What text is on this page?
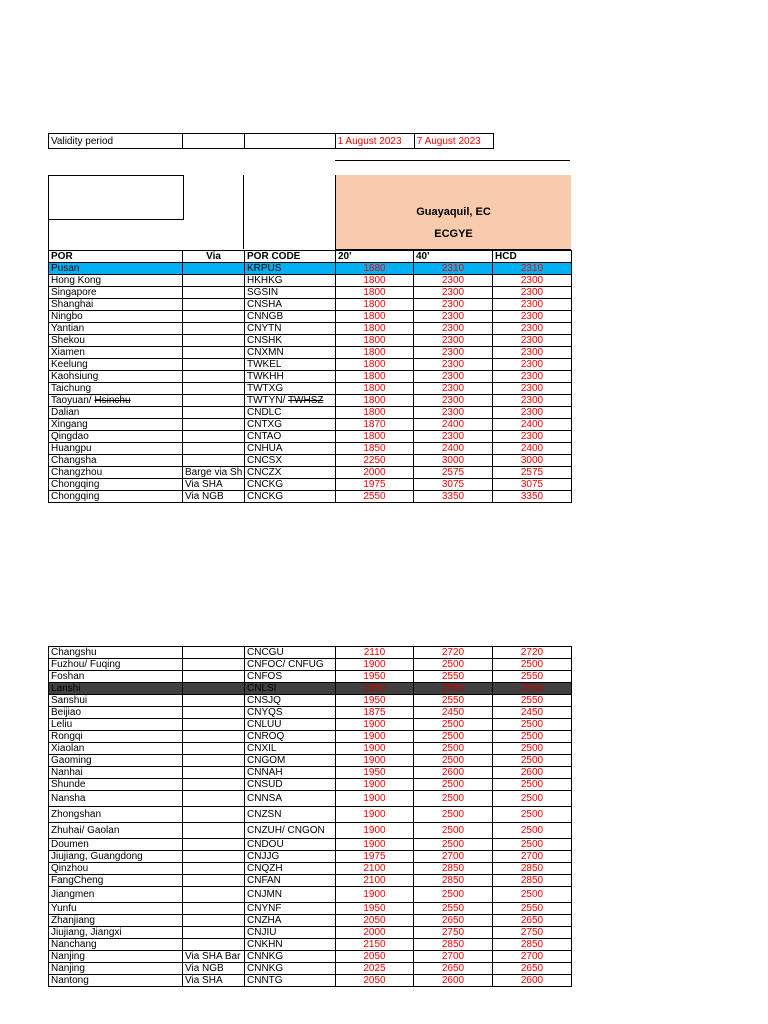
Validity period			1 August 2023	7 August 2023
Guayaquil, EC
ECGYE
POR	Via	POR CODE	20'	40'	HCD
Pusan		KRPUS	1880	2310	2310
Hong Kong		HKHKG	1800	2300	2300
Singapore		SGSIN	1800	2300	2300
Shanghai		CNSHA	1800	2300	2300
Ningbo		CNNGB	1800	2300	2300
Yantian		CNYTN	1800	2300	2300
Shekou		CNSHK	1800	2300	2300
Xiamen		CNXMN	1800	2300	2300
Keelung		TWKEL	1800	2300	2300
Kaohsiung		TWKHH	1800	2300	2300
Taichung		TWTXG	1800	2300	2300
Taoyuan/ Hsinchu		TWTYN/ TWHSZ	1800	2300	2300
Dalian		CNDLC	1800	2300	2300
Xingang		CNTXG	1870	2400	2400
Qingdao		CNTAO	1800	2300	2300
Huangpu		CNHUA	1850	2400	2400
Changsha		CNCSX	2250	3000	3000
Changzhou	Barge via Sh	CNCZX	2000	2575	2575
Chongqing	Via SHA	CNCKG	1975	3075	3075
Chongqing	Via NGB	CNCKG	2550	3350	3350
Changshu		CNCGU	2110	2720	2720
Fuzhou/ Fuqing		CNFOC/ CNFUG	1900	2500	2500
Foshan		CNFOS	1950	2550	2550
Lanshi		CNLSI	1950	2550	2550
Sanshui		CNSJQ	1950	2550	2550
Beijiao		CNYQS	1875	2450	2450
Leliu		CNLUU	1900	2500	2500
Rongqi		CNROQ	1900	2500	2500
Xiaolan		CNXIL	1900	2500	2500
Gaoming		CNGOM	1900	2500	2500
Nanhai		CNNAH	1950	2600	2600
Shunde		CNSUD	1900	2500	2500
Nansha		CNNSA	1900	2500	2500
Zhongshan		CNZSN	1900	2500	2500
Zhuhai/ Gaolan		CNZUH/ CNGON	1900	2500	2500
Doumen		CNDOU	1900	2500	2500
Jiujiang, Guangdong		CNJJG	1975	2700	2700
Qinzhou		CNQZH	2100	2850	2850
FangCheng		CNFAN	2100	2850	2850
Jiangmen		CNJMN	1900	2500	2500
Yunfu		CNYNF	1950	2550	2550
Zhanjiang		CNZHA	2050	2650	2650
Jiujiang, Jiangxi		CNJIU	2000	2750	2750
Nanchang		CNKHN	2150	2850	2850
Nanjing	Via SHA Bar	CNNKG	2050	2700	2700
Nanjing	Via NGB	CNNKG	2025	2650	2650
Nantong	Via SHA	CNNTG	2050	2600	2600
